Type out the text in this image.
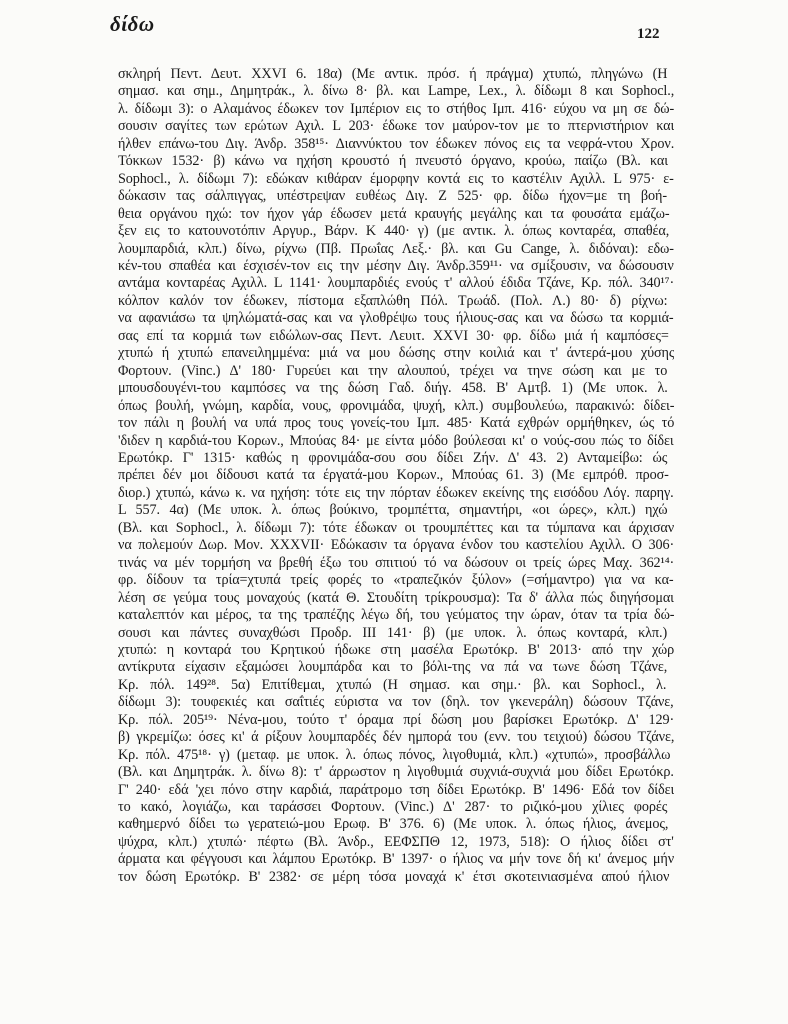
δίδω	122
σκληρή Πεντ. Δευτ. XXVI 6. 18α) (Με αντικ. πρόσ. ή πράγμα) χτυπώ, πληγώνω (Η
σημασ. και σημ., Δημητράκ., λ. δίνω 8· βλ. και Lampe, Lex., λ. δίδωμι 8 και Sophocl.,
λ. δίδωμι 3): ο Αλαμάνος έδωκεν τον Ιμπέριον εις το στήθος Ιμπ. 416· εύχου να μη σε δώ-
σουσιν σαγίτες των ερώτων Αχιλ. L 203· έδωκε τον μαύρον-τον με το πτερνιστήριον και
ήλθεν επάνω-του Διγ. Άνδρ. 358¹⁵· Διαννύκτου τον έδωκεν πόνος εις τα νεφρά-ντου Χρον.
Τόκκων 1532· β) κάνω να ηχήση κρουστό ή πνευστό όργανο, κρούω, παίζω (Βλ. και
Sophocl., λ. δίδωμι 7): εδώκαν κιθάραν έμορφην κοντά εις το καστέλιν Αχιλλ. L 975· ε-
δώκασιν τας σάλπιγγας, υπέστρεψαν ευθέως Διγ. Ζ 525· φρ. δίδω ήχον=με τη βοή-
θεια οργάνου ηχώ: τον ήχον γάρ έδωσεν μετά κραυγής μεγάλης και τα φουσάτα εμάζω-
ξεν εις το κατουνοτόπιν Αργυρ., Βάρν. Κ 440· γ) (με αντικ. λ. όπως κονταρέα, σπαθέα,
λουμπαρδιά, κλπ.) δίνω, ρίχνω (Πβ. Πρωΐας Λεξ.· βλ. και Gu Cange, λ. διδόναι): εδω-
κέν-του σπαθέα και έσχισέν-τον εις την μέσην Διγ. Άνδρ.359¹¹· να σμίξουσιν, να δώσουσιν
αντάμα κονταρέας Αχιλλ. L 1141· λουμπαρδιές ενούς τ' αλλού έδιδα Τζάνε, Κρ. πόλ. 340¹⁷·
κόλπον καλόν τον έδωκεν, πίστομα εξαπλώθη Πόλ. Τρωάδ. (Πολ. Λ.) 80· δ) ρίχνω:
να αφανιάσω τα ψηλώματά-σας και να γλοθρέψω τους ήλιους-σας και να δώσω τα κορμιά-
σας επί τα κορμιά των ειδώλων-σας Πεντ. Λευιτ. XXVI 30· φρ. δίδω μιά ή καμπόσες=
χτυπώ ή χτυπώ επανειλημμένα: μιά να μου δώσης στην κοιλιά και τ' άντερά-μου χύσης
Φορτουν. (Vinc.) Δ' 180· Γυρεύει και την αλουπού, τρέχει να τηνε σώση και με το
μπουσδουγένι-του καμπόσες να της δώση Γαδ. διήγ. 458. Β' Αμτβ. 1) (Με υποκ. λ.
όπως βουλή, γνώμη, καρδία, νους, φρονιμάδα, ψυχή, κλπ.) συμβουλεύω, παρακινώ: δίδει-
τον πάλι η βουλή να υπά προς τους γονείς-του Ιμπ. 485· Κατά εχθρών ορμήθηκεν, ώς τό
'διδεν η καρδιά-του Κορων., Μπούας 84· με είντα μόδο βούλεσαι κι' ο νούς-σου πώς το δίδει
Ερωτόκρ. Γ' 1315· καθώς η φρονιμάδα-σου σου δίδει Ζήν. Δ' 43. 2) Ανταμείβω: ώς
πρέπει δέν μοι δίδουσι κατά τα έργατά-μου Κορων., Μπούας 61. 3) (Με εμπρόθ. προσ-
διορ.) χτυπώ, κάνω κ. να ηχήση: τότε εις την πόρταν έδωκεν εκείνης της εισόδου Λόγ. παρηγ.
L 557. 4α) (Με υποκ. λ. όπως βούκινο, τρομπέττα, σημαντήρι, «οι ώρες», κλπ.) ηχώ
(Βλ. και Sophocl., λ. δίδωμι 7): τότε έδωκαν οι τρουμπέττες και τα τύμπανα και άρχισαν
να πολεμούν Δωρ. Μον. XXXVII· Εδώκασιν τα όργανα ένδον του καστελίου Αχιλλ. Ο 306·
τινάς να μέν τορμήση να βρεθή έξω του σπιτιού τό να δώσουν οι τρείς ώρες Μαχ. 362¹⁴·
φρ. δίδουν τα τρία=χτυπά τρείς φορές το «τραπεζικόν ξύλον» (=σήμαντρο) για να κα-
λέση σε γεύμα τους μοναχούς (κατά Θ. Στουδίτη τρίκρουσμα): Τα δ' άλλα πώς διηγήσομαι
καταλεπτόν και μέρος, τα της τραπέζης λέγω δή, του γεύματος την ώραν, όταν τα τρία δώ-
σουσι και πάντες συναχθώσι Προδρ. ΙΙΙ 141· β) (με υποκ. λ. όπως κονταρά, κλπ.)
χτυπώ: η κονταρά του Κρητικού ήδωκε στη μασέλα Ερωτόκρ. Β' 2013· από την χώρ
αντίκρυτα είχασιν εξαμώσει λουμπάρδα και το βόλι-της να πά να τωνε δώση Τζάνε,
Κρ. πόλ. 149²⁸. 5α) Επιτίθεμαι, χτυπώ (Η σημασ. και σημ.· βλ. και Sophocl., λ.
δίδωμι 3): τουφεκιές και σαΐτιές εύριστα να τον (δηλ. τον γκενεράλη) δώσουν Τζάνε,
Κρ. πόλ. 205¹⁹· Νένα-μου, τούτο τ' όραμα πρί δώση μου βαρίσκει Ερωτόκρ. Δ' 129·
β) γκρεμίζω: όσες κι' ά ρίξουν λουμπαρδές δέν ημπορά του (ενν. του τειχιού) δώσου Τζάνε,
Κρ. πόλ. 475¹⁸· γ) (μεταφ. με υποκ. λ. όπως πόνος, λιγοθυμιά, κλπ.) «χτυπώ», προσβάλλω
(Βλ. και Δημητράκ. λ. δίνω 8): τ' άρρωστον η λιγοθυμιά συχνιά-συχνιά μου δίδει Ερωτόκρ.
Γ' 240· εδά 'χει πόνο στην καρδιά, παράτρομο τση δίδει Ερωτόκρ. Β' 1496· Εδά τον δίδει
το κακό, λογιάζω, και ταράσσει Φορτουν. (Vinc.) Δ' 287· το ριζικό-μου χίλιες φορές
καθημερνό δίδει τω γερατειώ-μου Ερωφ. Β' 376. 6) (Με υποκ. λ. όπως ήλιος, άνεμος,
ψύχρα, κλπ.) χτυπώ· πέφτω (Βλ. Άνδρ., ΕΕΦΣΠΘ 12, 1973, 518): Ο ήλιος δίδει στ'
άρματα και φέγγουσι και λάμπου Ερωτόκρ. Β' 1397· ο ήλιος να μήν τονε δή κι' άνεμος μήν
τον δώση Ερωτόκρ. Β' 2382· σε μέρη τόσα μοναχά κ' έτσι σκοτεινιασμένα απού ήλιον
